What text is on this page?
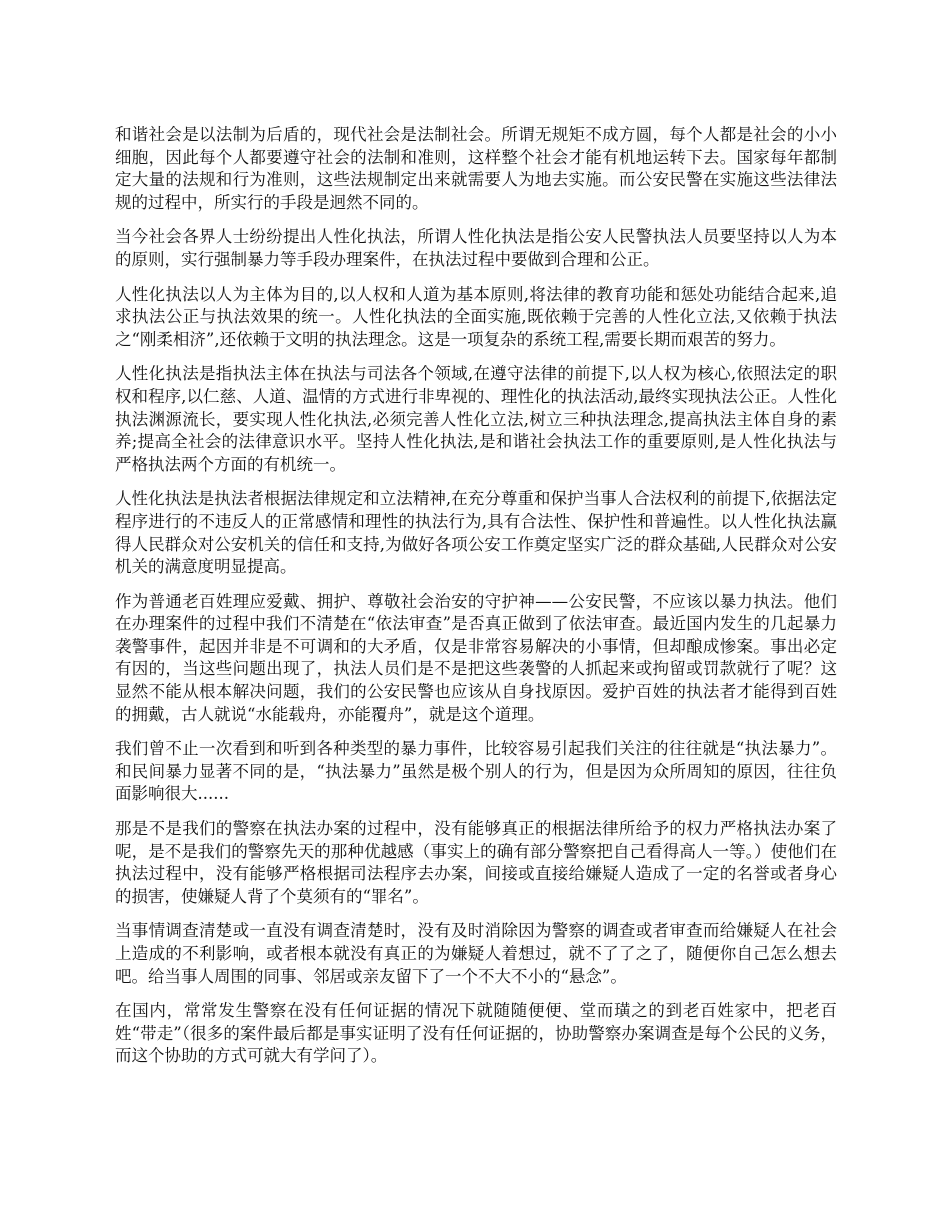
和谐社会是以法制为后盾的，现代社会是法制社会。所谓无规矩不成方圆，每个人都是社会的小小细胞，因此每个人都要遵守社会的法制和准则，这样整个社会才能有机地运转下去。国家每年都制定大量的法规和行为准则，这些法规制定出来就需要人为地去实施。而公安民警在实施这些法律法规的过程中，所实行的手段是迥然不同的。

当今社会各界人士纷纷提出人性化执法，所谓人性化执法是指公安人民警执法人员要坚持以人为本的原则，实行强制暴力等手段办理案件，在执法过程中要做到合理和公正。

人性化执法以人为主体为目的,以人权和人道为基本原则,将法律的教育功能和惩处功能结合起来,追求执法公正与执法效果的统一。人性化执法的全面实施,既依赖于完善的人性化立法,又依赖于执法之“刚柔相济”,还依赖于文明的执法理念。这是一项复杂的系统工程,需要长期而艰苦的努力。

人性化执法是指执法主体在执法与司法各个领域,在遵守法律的前提下,以人权为核心,依照法定的职权和程序,以仁慈、人道、温情的方式进行非卑视的、理性化的执法活动,最终实现执法公正。人性化执法渊源流长，要实现人性化执法,必须完善人性化立法,树立三种执法理念,提高执法主体自身的素养;提高全社会的法律意识水平。坚持人性化执法,是和谐社会执法工作的重要原则,是人性化执法与严格执法两个方面的有机统一。

人性化执法是执法者根据法律规定和立法精神,在充分尊重和保护当事人合法权利的前提下,依据法定程序进行的不违反人的正常感情和理性的执法行为,具有合法性、保护性和普遍性。以人性化执法赢得人民群众对公安机关的信任和支持,为做好各项公安工作奠定坚实广泛的群众基础,人民群众对公安机关的满意度明显提高。

作为普通老百姓理应爱戴、拥护、尊敬社会治安的守护神——公安民警，不应该以暴力执法。他们在办理案件的过程中我们不清楚在“依法审查”是否真正做到了依法审查。最近国内发生的几起暴力袭警事件，起因并非是不可调和的大矛盾，仅是非常容易解决的小事情，但却酿成惨案。事出必定有因的，当这些问题出现了，执法人员们是不是把这些袭警的人抓起来或拘留或罚款就行了呢？这显然不能从根本解决问题，我们的公安民警也应该从自身找原因。爱护百姓的执法者才能得到百姓的拥戴，古人就说“水能载舟，亦能覆舟”，就是这个道理。

我们曾不止一次看到和听到各种类型的暴力事件，比较容易引起我们关注的往往就是“执法暴力”。和民间暴力显著不同的是，“执法暴力”虽然是极个别人的行为，但是因为众所周知的原因，往往负面影响很大......

那是不是我们的警察在执法办案的过程中，没有能够真正的根据法律所给予的权力严格执法办案了呢，是不是我们的警察先天的那种优越感（事实上的确有部分警察把自己看得高人一等。）使他们在执法过程中，没有能够严格根据司法程序去办案，间接或直接给嫌疑人造成了一定的名誉或者身心的损害，使嫌疑人背了个莫须有的“罪名”。

当事情调查清楚或一直没有调查清楚时，没有及时消除因为警察的调查或者审查而给嫌疑人在社会上造成的不利影响，或者根本就没有真正的为嫌疑人着想过，就不了了之了，随便你自己怎么想去吧。给当事人周围的同事、邻居或亲友留下了一个不大不小的“悬念”。

在国内，常常发生警察在没有任何证据的情况下就随随便便、堂而璜之的到老百姓家中，把老百姓“带走”（很多的案件最后都是事实证明了没有任何证据的，协助警察办案调查是每个公民的义务，而这个协助的方式可就大有学问了）。
